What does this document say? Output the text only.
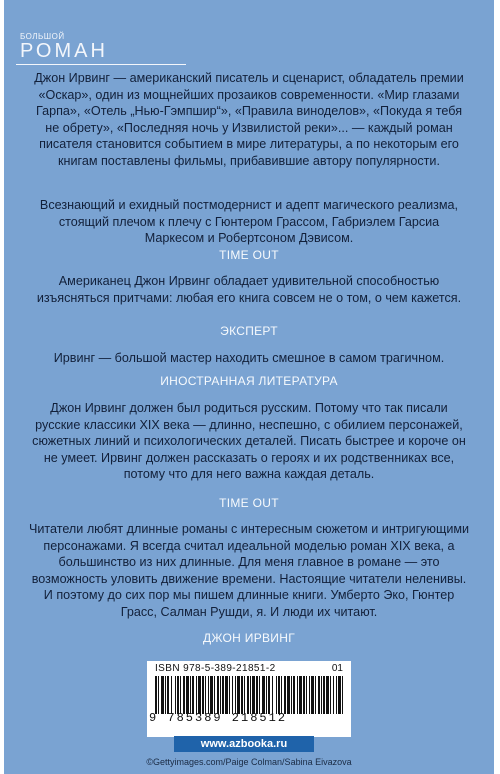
БОЛЬШОЙ
РОМАН
Джон Ирвинг — американский писатель и сценарист, обладатель премии «Оскар», один из мощнейших прозаиков современности. «Мир глазами Гарпа», «Отель „Нью-Гэмпшир“», «Правила виноделов», «Покуда я тебя не обрету», «Последняя ночь у Извилистой реки»... — каждый роман писателя становится событием в мире литературы, а по некоторым его книгам поставлены фильмы, прибавившие автору популярности.
Всезнающий и ехидный постмодернист и адепт магического реализма, стоящий плечом к плечу с Гюнтером Грассом, Габриэлем Гарсиа Маркесом и Робертсоном Дэвисом.
TIME OUT
Американец Джон Ирвинг обладает удивительной способностью изъясняться притчами: любая его книга совсем не о том, о чем кажется.
ЭКСПЕРТ
Ирвинг — большой мастер находить смешное в самом трагичном.
ИНОСТРАННАЯ ЛИТЕРАТУРА
Джон Ирвинг должен был родиться русским. Потому что так писали русские классики XIX века — длинно, неспешно, с обилием персонажей, сюжетных линий и психологических деталей. Писать быстрее и короче он не умеет. Ирвинг должен рассказать о героях и их родственниках все, потому что для него важна каждая деталь.
TIME OUT
Читатели любят длинные романы с интересным сюжетом и интригующими персонажами. Я всегда считал идеальной моделью роман XIX века, а большинство из них длинные. Для меня главное в романе — это возможность уловить движение времени. Настоящие читатели неленивы. И поэтому до сих пор мы пишем длинные книги. Умберто Эко, Гюнтер Грасс, Салман Рушди, я. И люди их читают.
ДЖОН ИРВИНГ
ISBN 978-5-389-21851-2	01
9 785389 218512
www.azbooka.ru
©Gettyimages.com/Paige Colman/Sabina Eivazova
